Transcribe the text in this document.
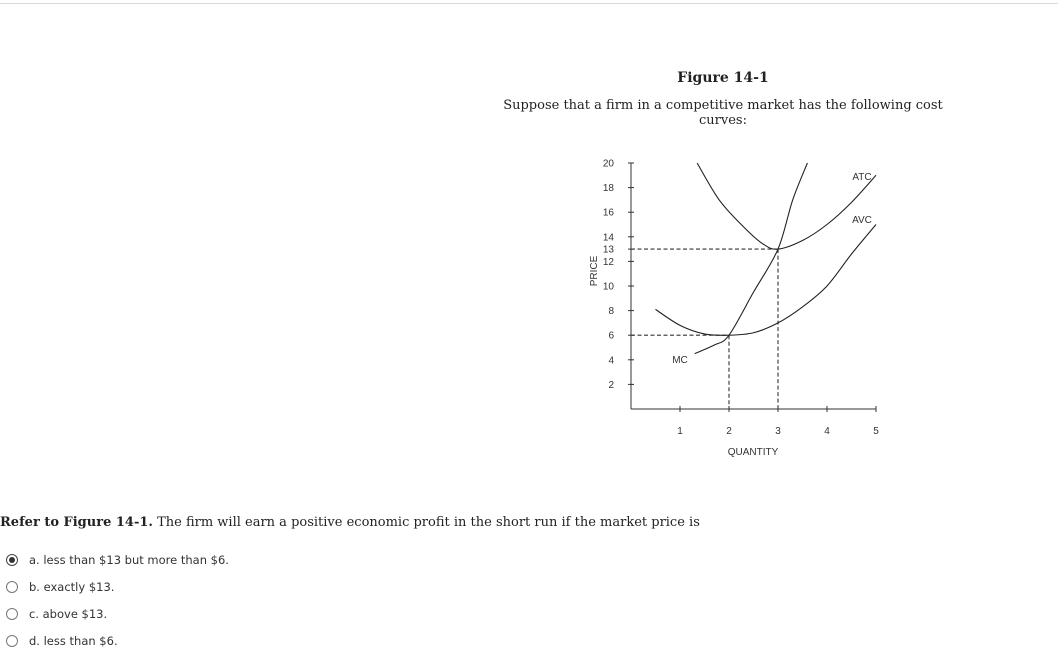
Figure 14-1
Suppose that a firm in a competitive market has the following cost curves:
2
4
6
8
10
12
13
14
16
18
20
1	2	3	4	5
QUANTITY
PRICE
MC
ATC
AVC
Refer to Figure 14-1. The firm will earn a positive economic profit in the short run if the market price is
a. less than $13 but more than $6.
b. exactly $13.
c. above $13.
d. less than $6.
